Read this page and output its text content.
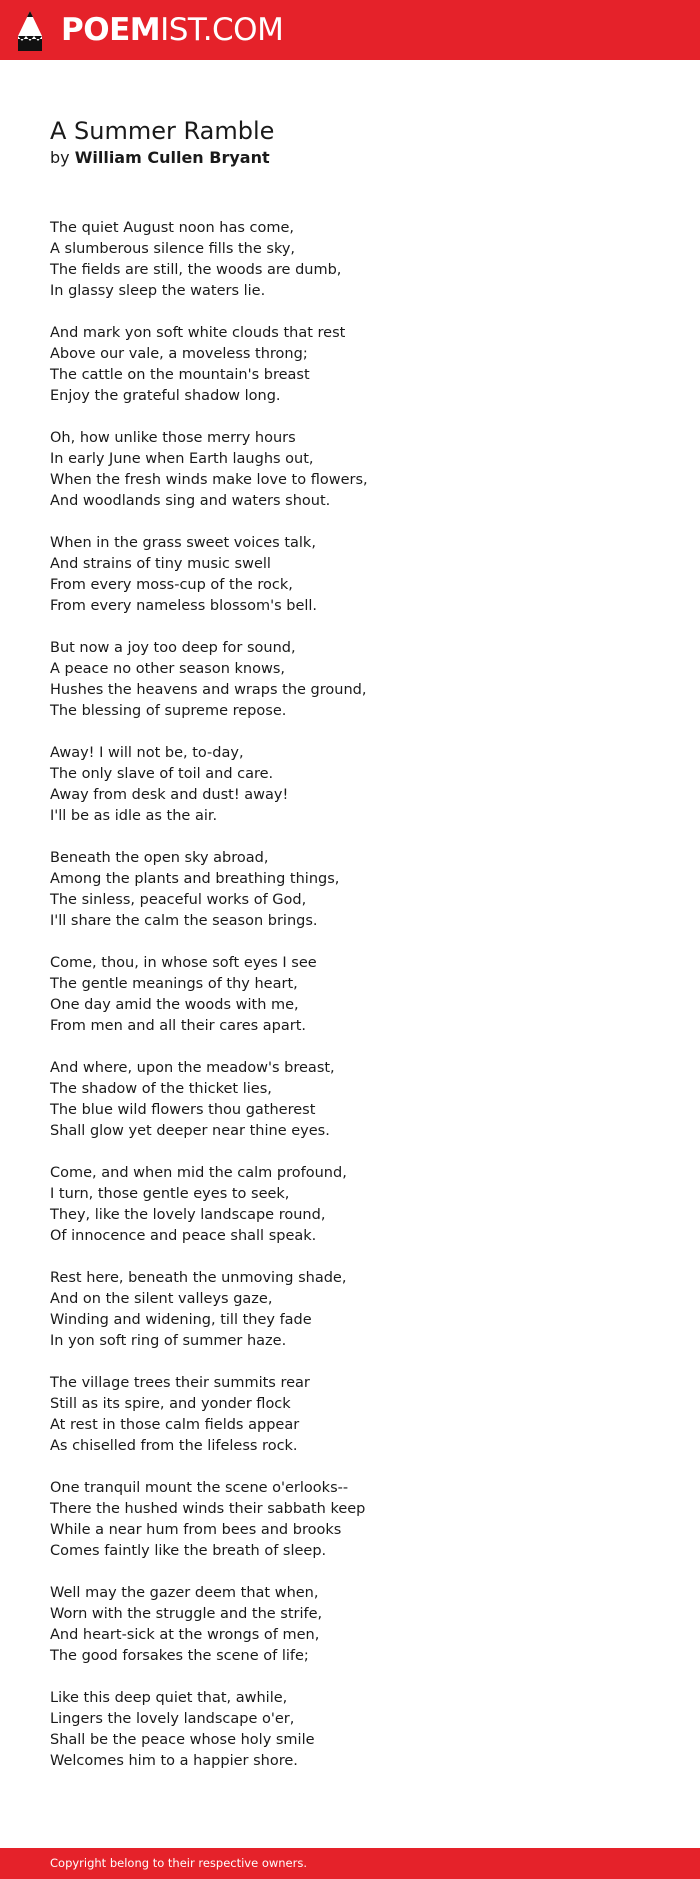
POEMIST.COM
A Summer Ramble
by William Cullen Bryant
The quiet August noon has come,
A slumberous silence fills the sky,
The fields are still, the woods are dumb,
In glassy sleep the waters lie.
And mark yon soft white clouds that rest
Above our vale, a moveless throng;
The cattle on the mountain's breast
Enjoy the grateful shadow long.
Oh, how unlike those merry hours
In early June when Earth laughs out,
When the fresh winds make love to flowers,
And woodlands sing and waters shout.
When in the grass sweet voices talk,
And strains of tiny music swell
From every moss-cup of the rock,
From every nameless blossom's bell.
But now a joy too deep for sound,
A peace no other season knows,
Hushes the heavens and wraps the ground,
The blessing of supreme repose.
Away! I will not be, to-day,
The only slave of toil and care.
Away from desk and dust! away!
I'll be as idle as the air.
Beneath the open sky abroad,
Among the plants and breathing things,
The sinless, peaceful works of God,
I'll share the calm the season brings.
Come, thou, in whose soft eyes I see
The gentle meanings of thy heart,
One day amid the woods with me,
From men and all their cares apart.
And where, upon the meadow's breast,
The shadow of the thicket lies,
The blue wild flowers thou gatherest
Shall glow yet deeper near thine eyes.
Come, and when mid the calm profound,
I turn, those gentle eyes to seek,
They, like the lovely landscape round,
Of innocence and peace shall speak.
Rest here, beneath the unmoving shade,
And on the silent valleys gaze,
Winding and widening, till they fade
In yon soft ring of summer haze.
The village trees their summits rear
Still as its spire, and yonder flock
At rest in those calm fields appear
As chiselled from the lifeless rock.
One tranquil mount the scene o'erlooks--
There the hushed winds their sabbath keep
While a near hum from bees and brooks
Comes faintly like the breath of sleep.
Well may the gazer deem that when,
Worn with the struggle and the strife,
And heart-sick at the wrongs of men,
The good forsakes the scene of life;
Like this deep quiet that, awhile,
Lingers the lovely landscape o'er,
Shall be the peace whose holy smile
Welcomes him to a happier shore.
Copyright belong to their respective owners.
